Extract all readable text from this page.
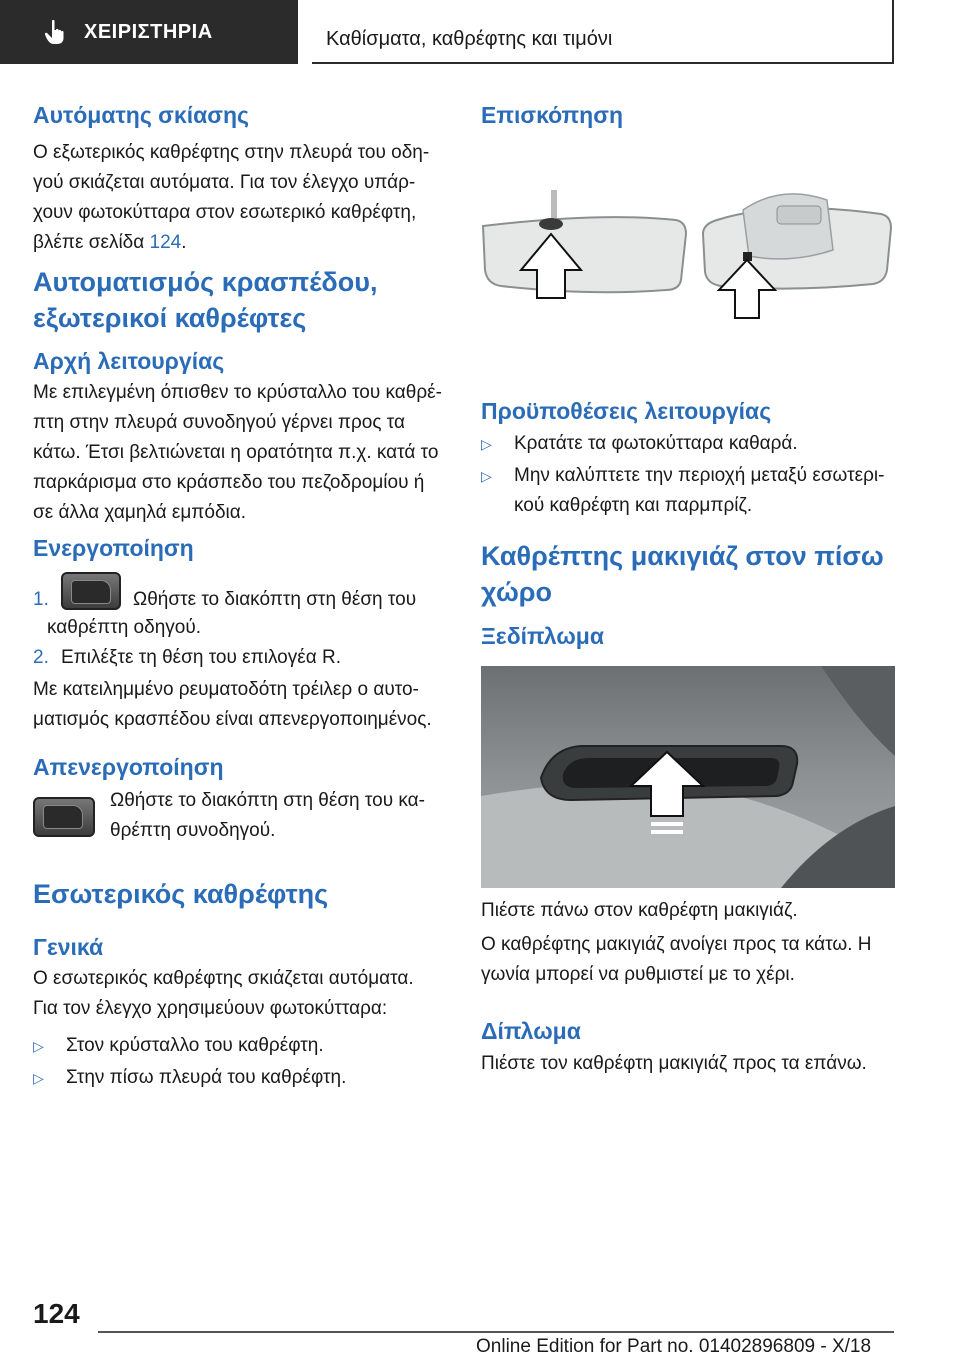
ΧΕΙΡΙΣΤΗΡΙΑ	Καθίσματα, καθρέφτης και τιμόνι
Αυτόματης σκίασης
Ο εξωτερικός καθρέφτης στην πλευρά του οδη‐
γού σκιάζεται αυτόματα. Για τον έλεγχο υπάρ‐
χουν φωτοκύτταρα στον εσωτερικό καθρέφτη,
βλέπε σελίδα 124.
Αυτοματισμός κρασπέδου,
εξωτερικοί καθρέφτες
Αρχή λειτουργίας
Με επιλεγμένη όπισθεν το κρύσταλλο του καθρέ‐
πτη στην πλευρά συνοδηγού γέρνει προς τα
κάτω. Έτσι βελτιώνεται η ορατότητα π.χ. κατά το
παρκάρισμα στο κράσπεδο του πεζοδρομίου ή
σε άλλα χαμηλά εμπόδια.
Ενεργοποίηση
1.	Ωθήστε το διακόπτη στη θέση του
καθρέπτη οδηγού.
2. Επιλέξτε τη θέση του επιλογέα R.
Με κατειλημμένο ρευματοδότη τρέιλερ ο αυτο‐
ματισμός κρασπέδου είναι απενεργοποιημένος.
Απενεργοποίηση
Ωθήστε το διακόπτη στη θέση του κα‐
θρέπτη συνοδηγού.
Εσωτερικός καθρέφτης
Γενικά
Ο εσωτερικός καθρέφτης σκιάζεται αυτόματα.
Για τον έλεγχο χρησιμεύουν φωτοκύτταρα:
▷ Στον κρύσταλλο του καθρέφτη.
▷ Στην πίσω πλευρά του καθρέφτη.
Επισκόπηση
Προϋποθέσεις λειτουργίας
▷ Κρατάτε τα φωτοκύτταρα καθαρά.
▷ Μην καλύπτετε την περιοχή μεταξύ εσωτερι‐
κού καθρέφτη και παρμπρίζ.
Καθρέπτης μακιγιάζ στον πίσω
χώρο
Ξεδίπλωμα
Πιέστε πάνω στον καθρέφτη μακιγιάζ.
Ο καθρέφτης μακιγιάζ ανοίγει προς τα κάτω. Η
γωνία μπορεί να ρυθμιστεί με το χέρι.
Δίπλωμα
Πιέστε τον καθρέφτη μακιγιάζ προς τα επάνω.
124
Online Edition for Part no. 01402896809 - X/18
